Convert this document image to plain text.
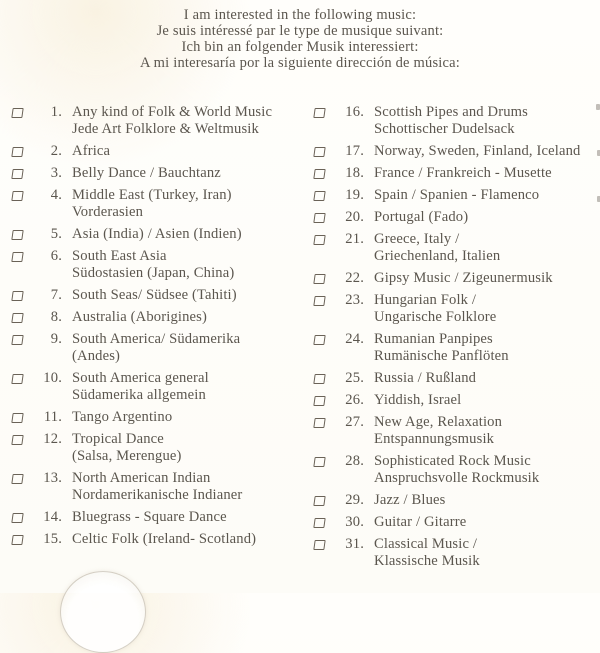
I am interested in the following music:
Je suis intéressé par le type de musique suivant:
Ich bin an folgender Musik interessiert:
A mi interesaría por la siguiente dirección de música:
1. Any kind of Folk & World Music
Jede Art Folklore & Weltmusik
2. Africa
3. Belly Dance / Bauchtanz
4. Middle East (Turkey, Iran)
Vorderasien
5. Asia (India) / Asien (Indien)
6. South East Asia
Südostasien (Japan, China)
7. South Seas/ Südsee (Tahiti)
8. Australia (Aborigines)
9. South America/ Südamerika
(Andes)
10. South America general
Südamerika allgemein
11. Tango Argentino
12. Tropical Dance
(Salsa, Merengue)
13. North American Indian
Nordamerikanische Indianer
14. Bluegrass - Square Dance
15. Celtic Folk (Ireland- Scotland)
16. Scottish Pipes and Drums
Schottischer Dudelsack
17. Norway, Sweden, Finland, Iceland
18. France / Frankreich - Musette
19. Spain / Spanien - Flamenco
20. Portugal (Fado)
21. Greece, Italy /
Griechenland, Italien
22. Gipsy Music / Zigeunermusik
23. Hungarian Folk /
Ungarische Folklore
24. Rumanian Panpipes
Rumänische Panflöten
25. Russia / Rußland
26. Yiddish, Israel
27. New Age, Relaxation
Entspannungsmusik
28. Sophisticated Rock Music
Anspruchsvolle Rockmusik
29. Jazz / Blues
30. Guitar / Gitarre
31. Classical Music /
Klassische Musik
